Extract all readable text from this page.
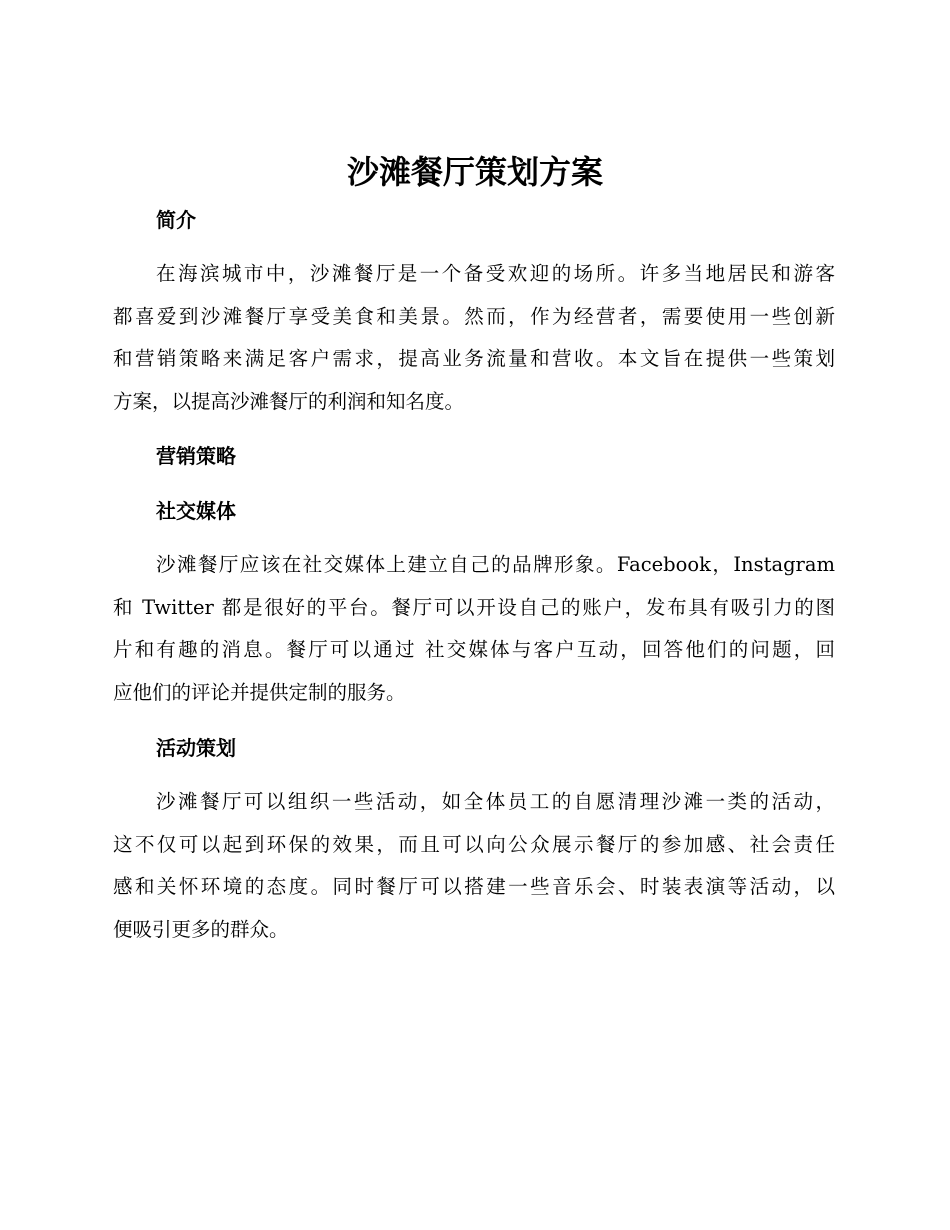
沙滩餐厅策划方案
简介

在海滨城市中，沙滩餐厅是一个备受欢迎的场所。许多当地居民和游客
都喜爱到沙滩餐厅享受美食和美景。然而，作为经营者，需要使用一些创新
和营销策略来满足客户需求，提高业务流量和营收。本文旨在提供一些策划
方案，以提高沙滩餐厅的利润和知名度。

营销策略
社交媒体

沙滩餐厅应该在社交媒体上建立自己的品牌形象。Facebook，Instagram
和 Twitter 都是很好的平台。餐厅可以开设自己的账户，发布具有吸引力的图
片和有趣的消息。餐厅可以通过 社交媒体与客户互动，回答他们的问题，回
应他们的评论并提供定制的服务。

活动策划

沙滩餐厅可以组织一些活动，如全体员工的自愿清理沙滩一类的活动，
这不仅可以起到环保的效果，而且可以向公众展示餐厅的参加感、社会责任
感和关怀环境的态度。同时餐厅可以搭建一些音乐会、时装表演等活动，以
便吸引更多的群众。
